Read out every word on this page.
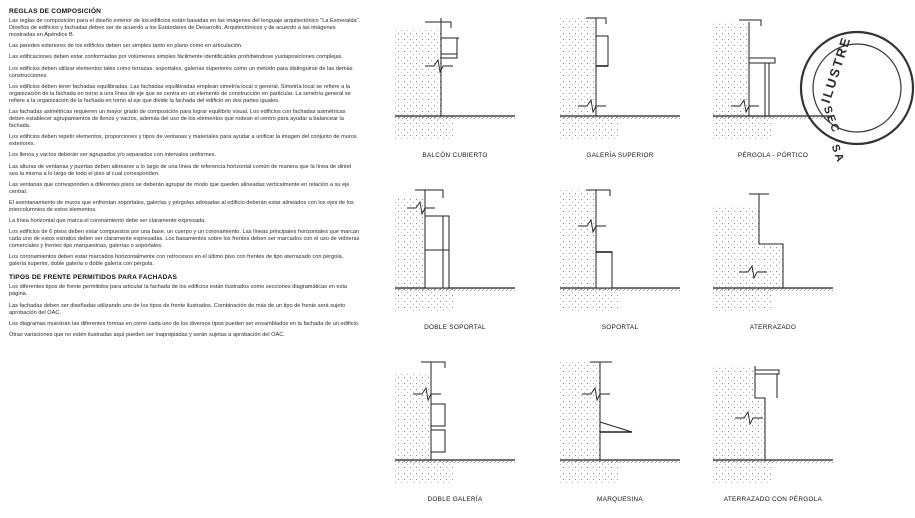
REGLAS DE COMPOSICIÓN
Las reglas de composición para el diseño exterior de los edificios están basadas en las imágenes del lenguaje arquitectónico "La Esmeralda". Diseños de edificios y fachadas deben ser de acuerdo a los Estándares de Desarrollo, Arquitectónicos y de acuerdo a las imágenes mostradas en Apéndice B.
Las paredes exteriores de los edificios deben ser simples tanto en plano como en articulación.
Las edificaciones deben estar conformadas por volúmenes simples fácilmente identificables prohibiéndose yuxtaposiciones complejas.
Los edificios deben utilizar elementos tales como terrazas, soportales, galerías superiores como un método para distinguirse de las demás construcciones.
Los edificios deben tener fachadas equilibradas. Las fachadas equilibradas emplean simetría local o general. Simetría local se refiere a la organización de la fachada en torno a una línea de eje que se centra en un elemento de construcción en particular. La simetría general se refiere a la organización de la fachada en torno al eje que divide la fachada del edificio en dos partes iguales.
Las fachadas asimétricas requieren un mayor grado de composición para lograr equilibrio visual. Los edificios con fachadas asimétricas deben establecer agrupamientos de llenos y vacíos, además del uso de los elementos que rodean el centro para ayudar a balancear la fachada.
Los edificios deben repetir elementos, proporciones y tipos de ventanas y materiales para ayudar a unificar la imagen del conjunto de muros exteriores.
Los llenos y vacíos deberán ser agrupados y/o separados con intervalos uniformes.
Las alturas de ventanas y puertas deben alinearse a lo largo de una línea de referencia horizontal común de manera que la línea de dintel sea la misma a lo largo de todo el piso al cual corresponden.
Las ventanas que corresponden a diferentes pisos se deberán agrupar de modo que queden alineadas verticalmente en relación a su eje central.
El aventanamiento de muros que enfrentan soportales, galerías y pérgolas adosadas al edificio deberán estar alineados con los ejes de los intercolumnios de estos elementos.
La línea horizontal que marca el coronamiento debe ser claramente expresada.
Los edificios de 6 pisos deben estar compuestos por una base, un cuerpo y un coronamiento. Las líneas principales horizontales que marcan cada uno de estos estratos deben ser claramente expresadas. Los basamentos sobre los frentes deben ser marcados con el uso de vidrieras comerciales y frentes tipo marquesinas, galerías o soportales.
Los coronamientos deben estar marcados horizontalmente con retrocesos en el último piso con frentes de tipo aterrazado con pérgola, galería superior, doble galería o doble galería con pérgola.
TIPOS DE FRENTE PERMITIDOS PARA FACHADAS
Los diferentes tipos de frente permitidos para articular la fachada de los edificios están ilustrados como secciones diagramáticas en esta página.
Las fachadas deben ser diseñadas utilizando uno de los tipos de frente ilustrados. Combinación de más de un tipo de frente será sujeto aprobación del OAC.
Los diagramas muestran las diferentes formas en como cada uno de los diversos tipos pueden ser ensamblados en la fachada de un edificio.
Otras variaciones que no estén ilustradas aquí pueden ser inapropiadas y serán sujetas a aprobación del OAC.
BALCÓN CUBIERTO	GALERÍA SUPERIOR	PÉRGOLA - PÓRTICO
DOBLE SOPORTAL	SOPORTAL	ATERRAZADO
DOBLE GALERÍA	MARQUESINA	ATERRAZADO CON PÉRGOLA
ILUSTRE
SEC
SA
